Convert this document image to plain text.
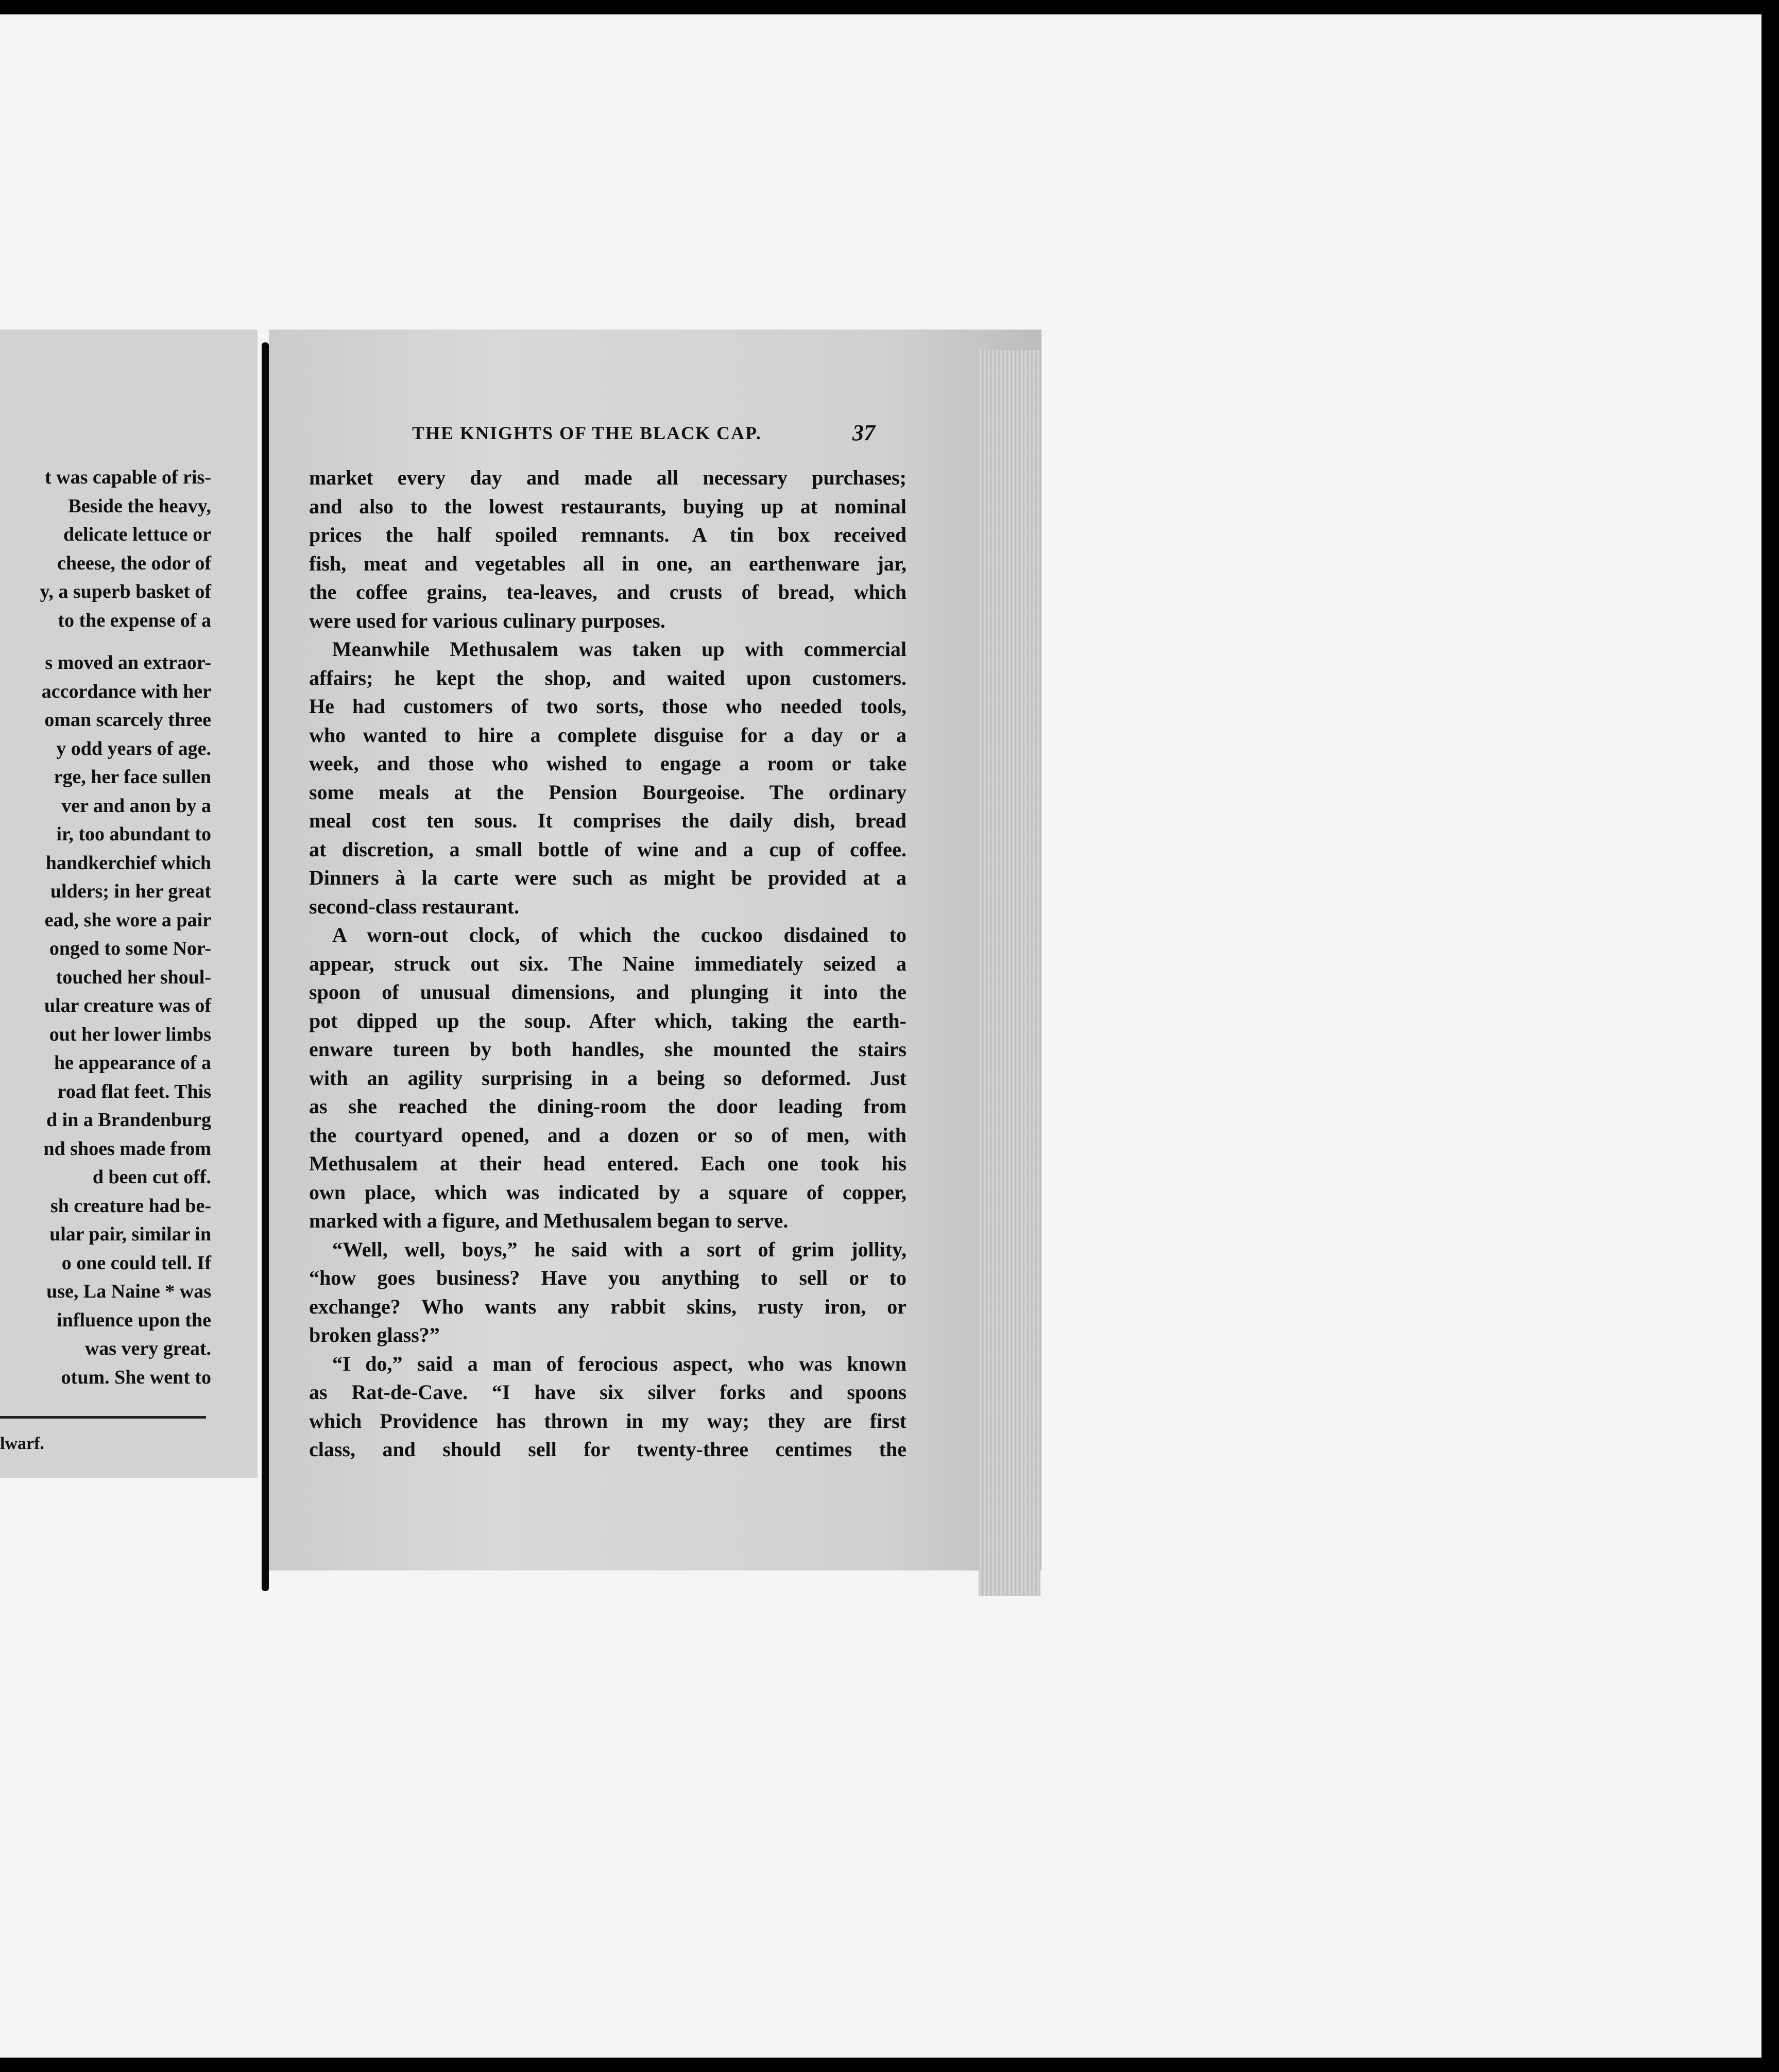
t was capable of ris-
Beside the heavy,
delicate lettuce or
cheese, the odor of
y, a superb basket of
to the expense of a
s moved an extraor-
accordance with her
oman scarcely three
y odd years of age.
rge, her face sullen
ver and anon by a
ir, too abundant to
handkerchief which
ulders; in her great
ead, she wore a pair
onged to some Nor-
touched her shoul-
ular creature was of
out her lower limbs
he appearance of a
road flat feet. This
d in a Brandenburg
nd shoes made from
d been cut off.
sh creature had be-
ular pair, similar in
o one could tell. If
use, La Naine * was
influence upon the
was very great.
otum. She went to
lwarf.
THE KNIGHTS OF THE BLACK CAP.	37
market every day and made all necessary purchases;
and also to the lowest restaurants, buying up at nominal
prices the half spoiled remnants. A tin box received
fish, meat and vegetables all in one, an earthenware jar,
the coffee grains, tea-leaves, and crusts of bread, which
were used for various culinary purposes.
Meanwhile Methusalem was taken up with commercial
affairs; he kept the shop, and waited upon customers.
He had customers of two sorts, those who needed tools,
who wanted to hire a complete disguise for a day or a
week, and those who wished to engage a room or take
some meals at the Pension Bourgeoise. The ordinary
meal cost ten sous. It comprises the daily dish, bread
at discretion, a small bottle of wine and a cup of coffee.
Dinners à la carte were such as might be provided at a
second-class restaurant.
A worn-out clock, of which the cuckoo disdained to
appear, struck out six. The Naine immediately seized a
spoon of unusual dimensions, and plunging it into the
pot dipped up the soup. After which, taking the earth-
enware tureen by both handles, she mounted the stairs
with an agility surprising in a being so deformed. Just
as she reached the dining-room the door leading from
the courtyard opened, and a dozen or so of men, with
Methusalem at their head entered. Each one took his
own place, which was indicated by a square of copper,
marked with a figure, and Methusalem began to serve.
“Well, well, boys,” he said with a sort of grim jollity,
“how goes business? Have you anything to sell or to
exchange? Who wants any rabbit skins, rusty iron, or
broken glass?”
“I do,” said a man of ferocious aspect, who was known
as Rat-de-Cave. “I have six silver forks and spoons
which Providence has thrown in my way; they are first
class, and should sell for twenty-three centimes the
